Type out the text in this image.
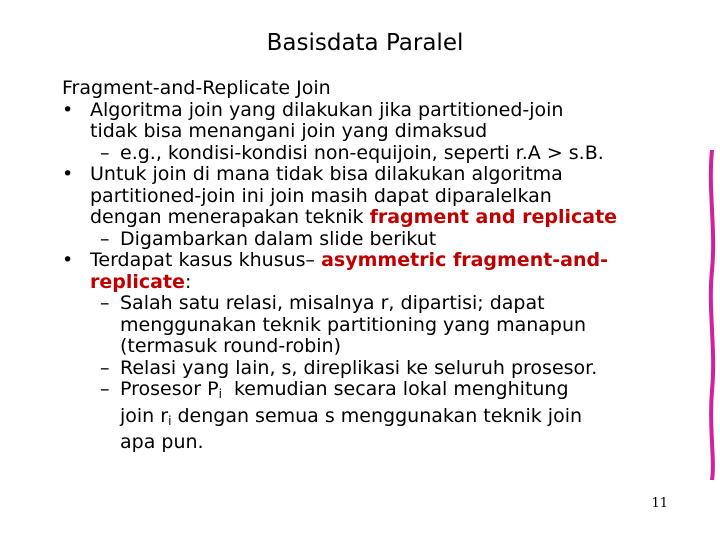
Basisdata Paralel
Fragment-and-Replicate Join
• Algoritma join yang dilakukan jika partitioned-join
tidak bisa menangani join yang dimaksud
– e.g., kondisi-kondisi non-equijoin, seperti r.A > s.B.
• Untuk join di mana tidak bisa dilakukan algoritma
partitioned-join ini join masih dapat diparalelkan
dengan menerapakan teknik fragment and replicate
– Digambarkan dalam slide berikut
• Terdapat kasus khusus– asymmetric fragment-and-
replicate:
– Salah satu relasi, misalnya r, dipartisi; dapat
menggunakan teknik partitioning yang manapun
(termasuk round-robin)
– Relasi yang lain, s, direplikasi ke seluruh prosesor.
– Prosesor $P_i$  kemudian secara lokal menghitung
join $r_i$ dengan semua s menggunakan teknik join
apa pun.
11
